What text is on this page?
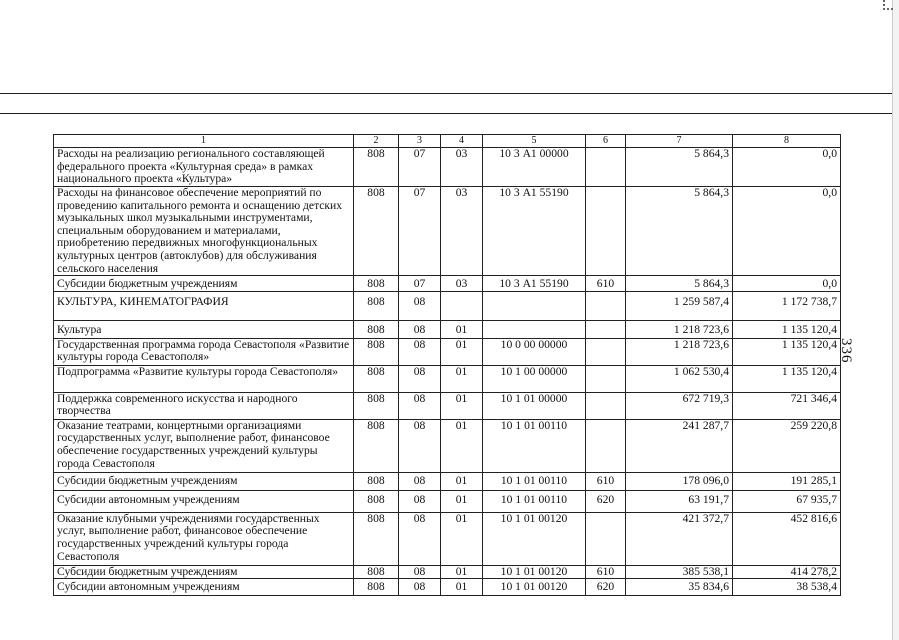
336
1	2	3	4	5	6	7	8
Расходы на реализацию регионального составляющей федерального проекта «Культурная среда» в рамках национального проекта «Культура»	808	07	03	10 3 А1 00000		5 864,3	0,0
Расходы на финансовое обеспечение мероприятий по проведению капитального ремонта и оснащению детских музыкальных школ музыкальными инструментами, специальным оборудованием и материалами, приобретению передвижных многофункциональных культурных центров (автоклубов) для обслуживания сельского населения	808	07	03	10 3 А1 55190		5 864,3	0,0
Субсидии бюджетным учреждениям	808	07	03	10 3 А1 55190	610	5 864,3	0,0
КУЛЬТУРА, КИНЕМАТОГРАФИЯ	808	08				1 259 587,4	1 172 738,7
Культура	808	08	01			1 218 723,6	1 135 120,4
Государственная программа города Севастополя «Развитие культуры города Севастополя»	808	08	01	10 0 00 00000		1 218 723,6	1 135 120,4
Подпрограмма «Развитие культуры города Севастополя»	808	08	01	10 1 00 00000		1 062 530,4	1 135 120,4
Поддержка современного искусства и народного творчества	808	08	01	10 1 01 00000		672 719,3	721 346,4
Оказание театрами, концертными организациями государственных услуг, выполнение работ, финансовое обеспечение государственных учреждений культуры города Севастополя	808	08	01	10 1 01 00110		241 287,7	259 220,8
Субсидии бюджетным учреждениям	808	08	01	10 1 01 00110	610	178 096,0	191 285,1
Субсидии автономным учреждениям	808	08	01	10 1 01 00110	620	63 191,7	67 935,7
Оказание клубными учреждениями государственных услуг, выполнение работ, финансовое обеспечение государственных учреждений культуры города Севастополя	808	08	01	10 1 01 00120		421 372,7	452 816,6
Субсидии бюджетным учреждениям	808	08	01	10 1 01 00120	610	385 538,1	414 278,2
Субсидии автономным учреждениям	808	08	01	10 1 01 00120	620	35 834,6	38 538,4
